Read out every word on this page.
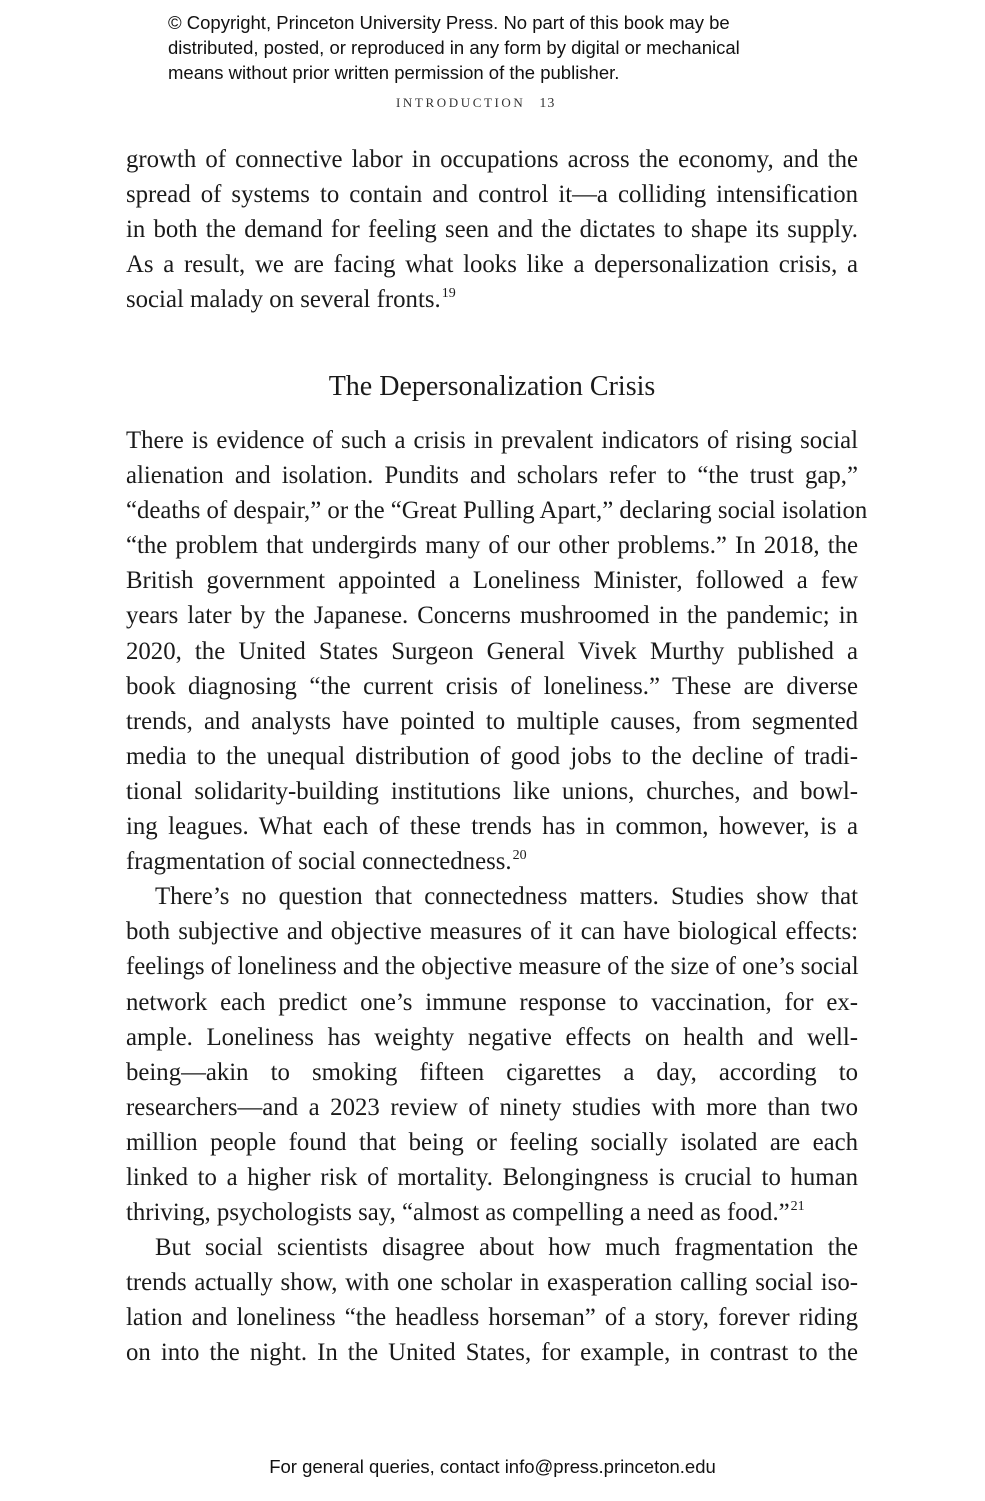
© Copyright, Princeton University Press. No part of this book may be
distributed, posted, or reproduced in any form by digital or mechanical
means without prior written permission of the publisher.
INTRODUCTION 13
growth of connective labor in occupations across the economy, and the
spread of systems to contain and control it—a colliding intensification
in both the demand for feeling seen and the dictates to shape its supply.
As a result, we are facing what looks like a depersonalization crisis, a
social malady on several fronts.$^{19}$
The Depersonalization Crisis
There is evidence of such a crisis in prevalent indicators of rising social
alienation and isolation. Pundits and scholars refer to “the trust gap,”
“deaths of despair,” or the “Great Pulling Apart,” declaring social isolation
“the problem that undergirds many of our other problems.” In 2018, the
British government appointed a Loneliness Minister, followed a few
years later by the Japanese. Concerns mushroomed in the pandemic; in
2020, the United States Surgeon General Vivek Murthy published a
book diagnosing “the current crisis of loneliness.” These are diverse
trends, and analysts have pointed to multiple causes, from segmented
media to the unequal distribution of good jobs to the decline of tradi-
tional solidarity-building institutions like unions, churches, and bowl-
ing leagues. What each of these trends has in common, however, is a
fragmentation of social connectedness.$^{20}$
There’s no question that connectedness matters. Studies show that
both subjective and objective measures of it can have biological effects:
feelings of loneliness and the objective measure of the size of one’s social
network each predict one’s immune response to vaccination, for ex-
ample. Loneliness has weighty negative effects on health and well-
being—akin to smoking fifteen cigarettes a day, according to
researchers—and a 2023 review of ninety studies with more than two
million people found that being or feeling socially isolated are each
linked to a higher risk of mortality. Belongingness is crucial to human
thriving, psychologists say, “almost as compelling a need as food.”$^{21}$
But social scientists disagree about how much fragmentation the
trends actually show, with one scholar in exasperation calling social iso-
lation and loneliness “the headless horseman” of a story, forever riding
on into the night. In the United States, for example, in contrast to the
For general queries, contact info@press.princeton.edu
